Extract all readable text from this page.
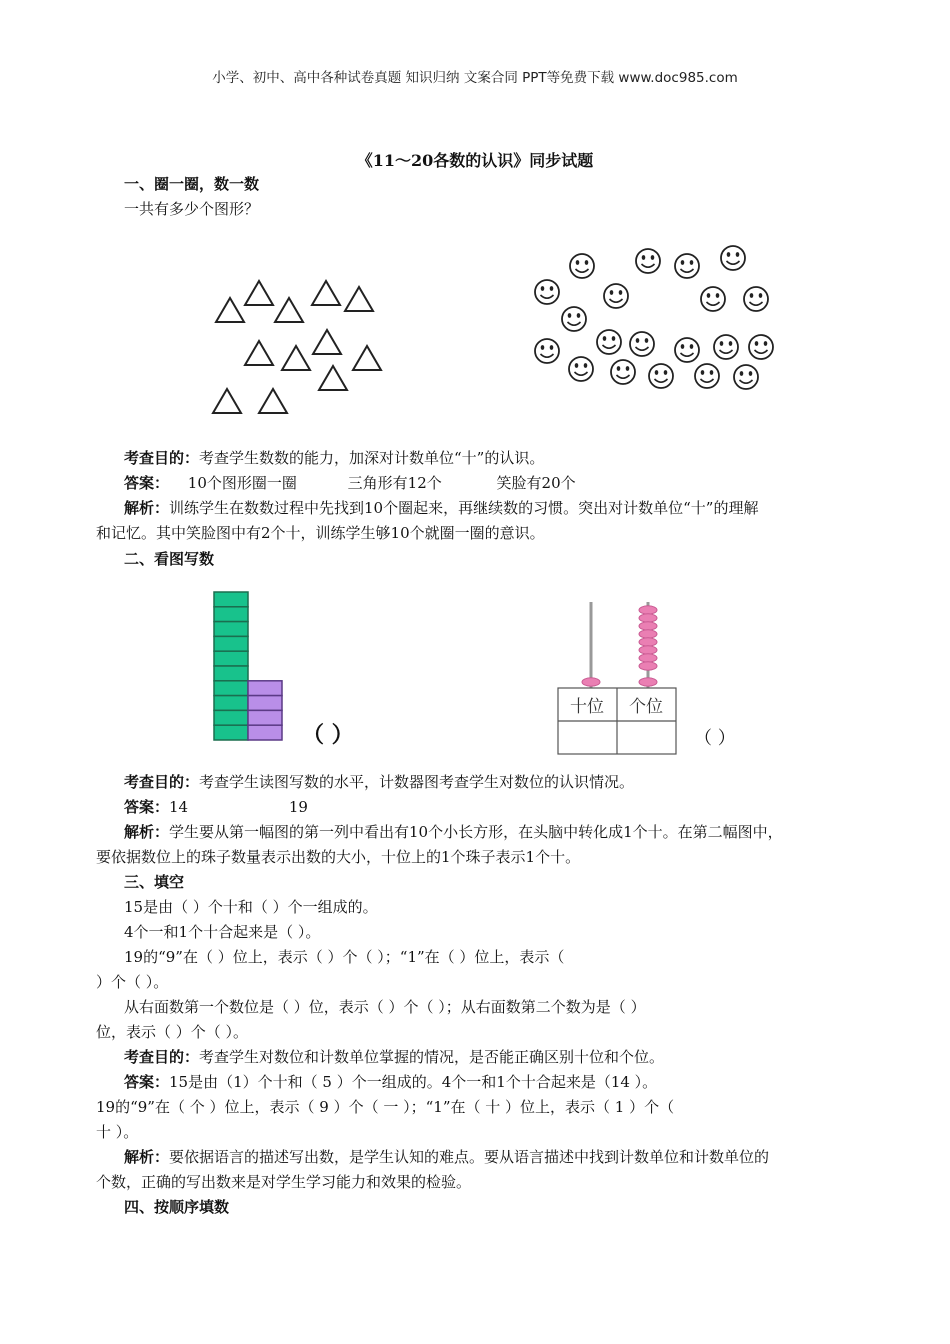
小学、初中、高中各种试卷真题 知识归纳 文案合同 PPT等免费下载 www.doc985.com
《11～20各数的认识》同步试题
一、圈一圈，数一数
一共有多少个图形？
考查目的：考查学生数数的能力，加深对计数单位“十”的认识。
答案： 10个图形圈一圈	三角形有12个	笑脸有20个
解析：训练学生在数数过程中先找到10个圈起来，再继续数的习惯。突出对计数单位“十”的理解
和记忆。其中笑脸图中有2个十，训练学生够10个就圈一圈的意识。
二、看图写数
（ ）
十位 个位
（ ）
考查目的：考查学生读图写数的水平，计数器图考查学生对数位的认识情况。
答案：14	19
解析：学生要从第一幅图的第一列中看出有10个小长方形，在头脑中转化成1个十。在第二幅图中，
要依据数位上的珠子数量表示出数的大小，十位上的1个珠子表示1个十。
三、填空
15是由（ ）个十和（ ）个一组成的。
4个一和1个十合起来是（ ）。
19的“9”在（ ）位上，表示（ ）个（ ）；“1”在（ ）位上，表示（
）个（ ）。
从右面数第一个数位是（ ）位，表示（ ）个（ ）；从右面数第二个数为是（ ）
位，表示（ ）个（ ）。
考查目的：考查学生对数位和计数单位掌握的情况，是否能正确区别十位和个位。
答案：15是由（1）个十和（ 5 ）个一组成的。4个一和1个十合起来是（14 ）。
19的“9”在（ 个 ）位上，表示（ 9 ）个（ 一 ）；“1”在（ 十 ）位上，表示（ 1 ）个（
十 ）。
解析：要依据语言的描述写出数，是学生认知的难点。要从语言描述中找到计数单位和计数单位的
个数，正确的写出数来是对学生学习能力和效果的检验。
四、按顺序填数
